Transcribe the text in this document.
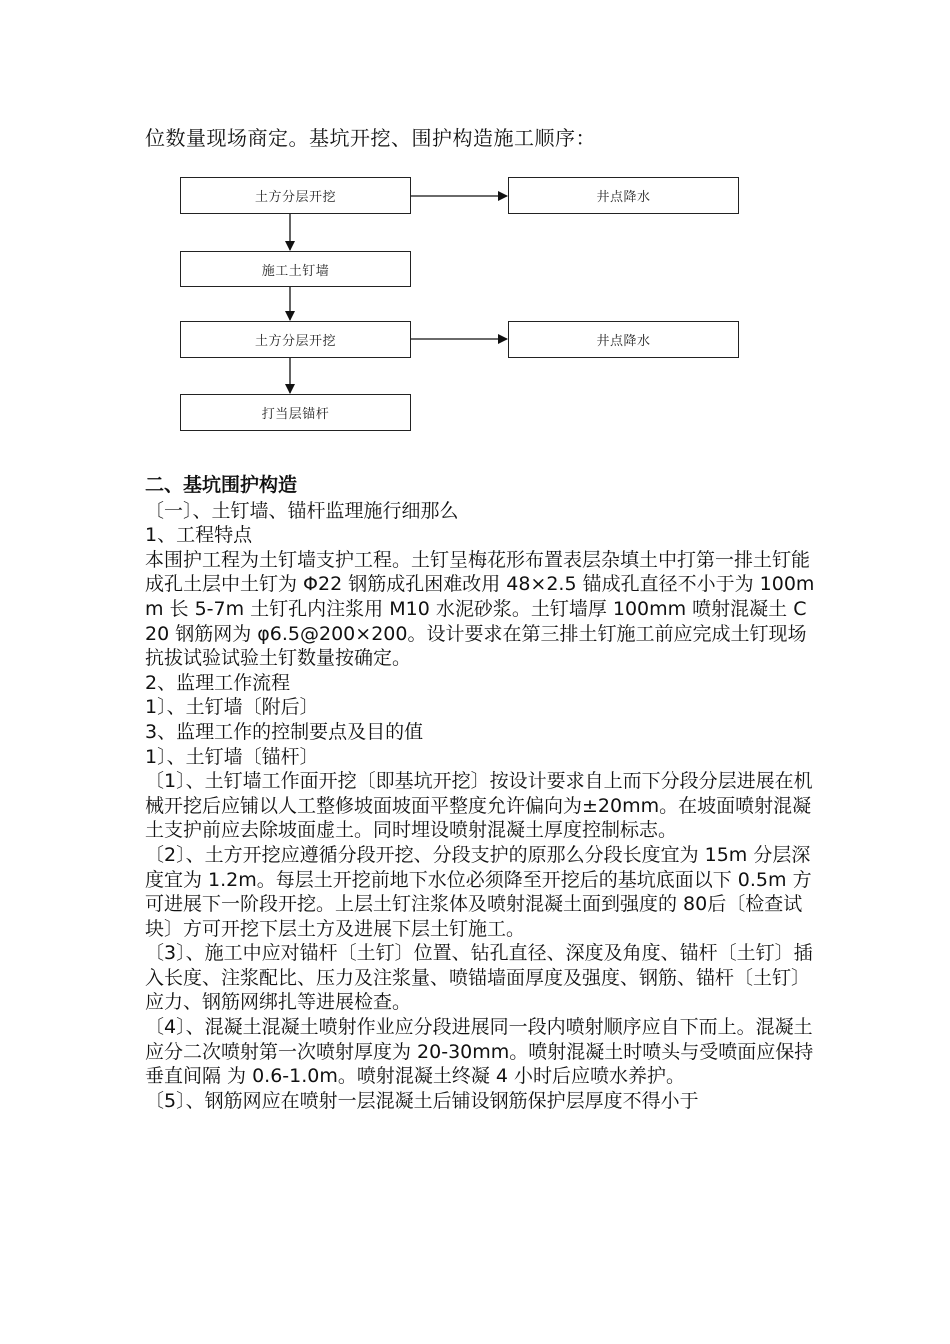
位数量现场商定。基坑开挖、围护构造施工顺序：
土方分层开挖	井点降水
施工土钉墙
土方分层开挖	井点降水
打当层锚杆

二、基坑围护构造

〔一〕、土钉墙、锚杆监理施行细那么

1、工程特点

本围护工程为土钉墙支护工程。土钉呈梅花形布置表层杂填土中打第一排土钉能成孔土层中土钉为 Φ22 钢筋成孔困难改用 48×2.5 锚成孔直径不小于为 100mm 长 5-7m 土钉孔内注浆用 M10 水泥砂浆。土钉墙厚 100mm 喷射混凝土 C20 钢筋网为 φ6.5@200×200。设计要求在第三排土钉施工前应完成土钉现场抗拔试验试验土钉数量按确定。

2、监理工作流程

1〕、土钉墙〔附后〕

3、监理工作的控制要点及目的值

1〕、土钉墙〔锚杆〕

〔1〕、土钉墙工作面开挖〔即基坑开挖〕按设计要求自上而下分段分层进展在机械开挖后应铺以人工整修坡面坡面平整度允许偏向为±20mm。在坡面喷射混凝土支护前应去除坡面虚土。同时埋设喷射混凝土厚度控制标志。

〔2〕、土方开挖应遵循分段开挖、分段支护的原那么分段长度宜为 15m 分层深度宜为 1.2m。每层土开挖前地下水位必须降至开挖后的基坑底面以下 0.5m 方可进展下一阶段开挖。上层土钉注浆体及喷射混凝土面到强度的 80后〔检查试块〕方可开挖下层土方及进展下层土钉施工。

〔3〕、施工中应对锚杆〔土钉〕位置、钻孔直径、深度及角度、锚杆〔土钉〕插入长度、注浆配比、压力及注浆量、喷锚墙面厚度及强度、钢筋、锚杆〔土钉〕应力、钢筋网绑扎等进展检查。

〔4〕、混凝土混凝土喷射作业应分段进展同一段内喷射顺序应自下而上。混凝土应分二次喷射第一次喷射厚度为 20-30mm。喷射混凝土时喷头与受喷面应保持垂直间隔 为 0.6-1.0m。喷射混凝土终凝 4 小时后应喷水养护。

〔5〕、钢筋网应在喷射一层混凝土后铺设钢筋保护层厚度不得小于
